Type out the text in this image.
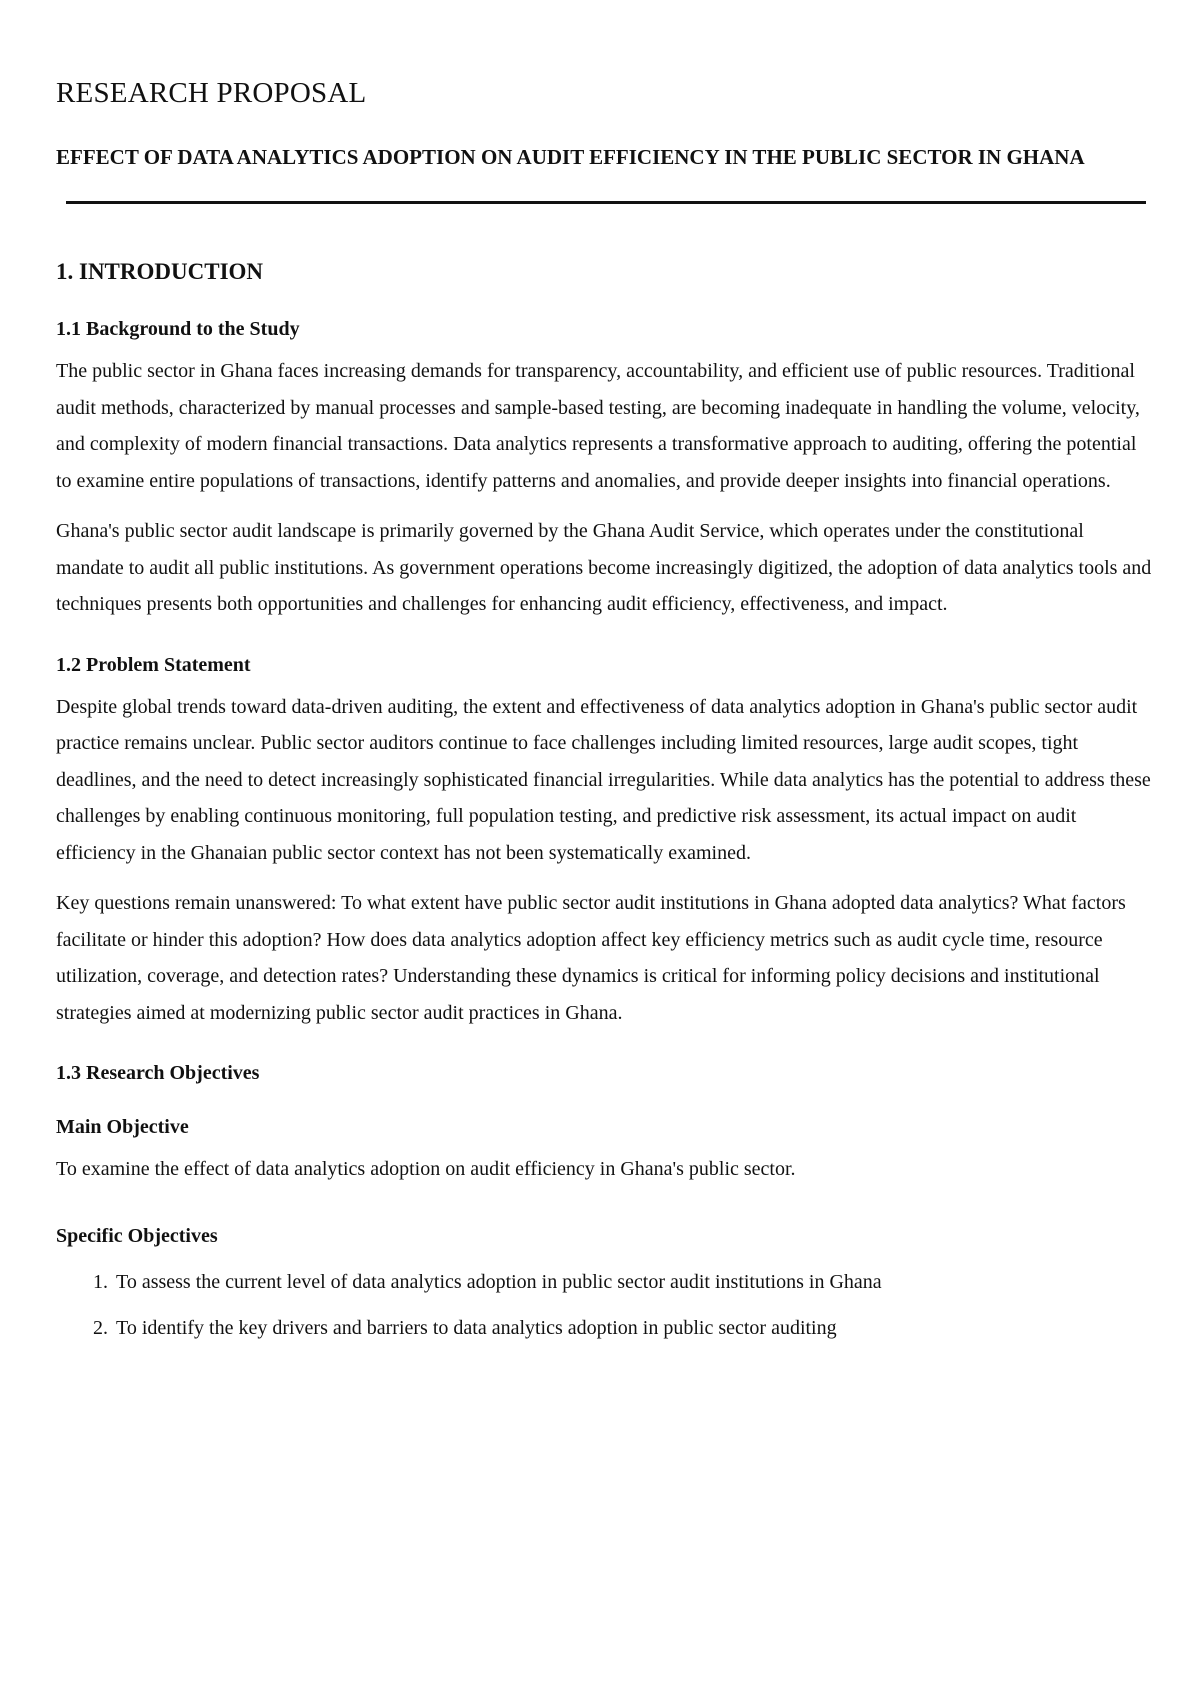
RESEARCH PROPOSAL
EFFECT OF DATA ANALYTICS ADOPTION ON AUDIT EFFICIENCY IN THE PUBLIC SECTOR IN GHANA
1. INTRODUCTION
1.1 Background to the Study

The public sector in Ghana faces increasing demands for transparency, accountability, and efficient use of public resources. Traditional audit methods, characterized by manual processes and sample-based testing, are becoming inadequate in handling the volume, velocity, and complexity of modern financial transactions. Data analytics represents a transformative approach to auditing, offering the potential to examine entire populations of transactions, identify patterns and anomalies, and provide deeper insights into financial operations.

Ghana's public sector audit landscape is primarily governed by the Ghana Audit Service, which operates under the constitutional mandate to audit all public institutions. As government operations become increasingly digitized, the adoption of data analytics tools and techniques presents both opportunities and challenges for enhancing audit efficiency, effectiveness, and impact.

1.2 Problem Statement

Despite global trends toward data-driven auditing, the extent and effectiveness of data analytics adoption in Ghana's public sector audit practice remains unclear. Public sector auditors continue to face challenges including limited resources, large audit scopes, tight deadlines, and the need to detect increasingly sophisticated financial irregularities. While data analytics has the potential to address these challenges by enabling continuous monitoring, full population testing, and predictive risk assessment, its actual impact on audit efficiency in the Ghanaian public sector context has not been systematically examined.

Key questions remain unanswered: To what extent have public sector audit institutions in Ghana adopted data analytics? What factors facilitate or hinder this adoption? How does data analytics adoption affect key efficiency metrics such as audit cycle time, resource utilization, coverage, and detection rates? Understanding these dynamics is critical for informing policy decisions and institutional strategies aimed at modernizing public sector audit practices in Ghana.

1.3 Research Objectives
Main Objective

To examine the effect of data analytics adoption on audit efficiency in Ghana's public sector.

Specific Objectives
1. To assess the current level of data analytics adoption in public sector audit institutions in Ghana
2. To identify the key drivers and barriers to data analytics adoption in public sector auditing
